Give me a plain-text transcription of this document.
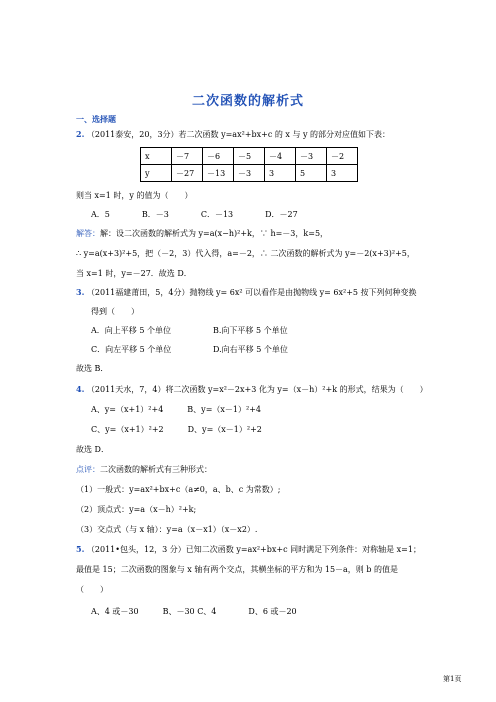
二次函数的解析式
一、选择题
2. （2011泰安，20，3分）若二次函数 y=ax²+bx+c 的 x 与 y 的部分对应值如下表：
x	－7	－6	－5	－4	－3	－2
y	－27	－13	－3	3	5	3
则当 x=1 时，y 的值为（　　）
A．5　　　　B．－3　　　　C．－13　　　　D．－27
解答：解：设二次函数的解析式为 y=a(x−h)²+k，∵ h=－3，k=5，
∴ y=a(x+3)²+5，把（－2，3）代入得，a=－2，∴ 二次函数的解析式为 y=－2(x+3)²+5，
当 x=1 时，y=－27．故选 D．
3. （2011福建莆田，5，4分）抛物线 y= 6x² 可以看作是由抛物线 y= 6x²+5 按下列何种变换
得到（　　）
A．向上平移 5 个单位	B.向下平移 5 个单位
C．向左平移 5 个单位	D.向右平移 5 个单位
故选 B．
4. （2011天水，7，4）将二次函数 y=x²－2x+3 化为 y=（x－h）²+k 的形式，结果为（　　）
A、y=（x+1）²+4　　　B、y=（x－1）²+4
C、y=（x+1）²+2　　　D、y=（x－1）²+2
故选 D．
点评：二次函数的解析式有三种形式：
（1）一般式：y=ax²+bx+c（a≠0，a、b、c 为常数）;
（2）顶点式：y=a（x－h）²+k;
（3）交点式（与 x 轴）：y=a（x－x1）（x－x2）.
5. （2011•包头，12，3 分）已知二次函数 y=ax²+bx+c 同时满足下列条件：对称轴是 x=1；
最值是 15；二次函数的图象与 x 轴有两个交点，其横坐标的平方和为 15－a，则 b 的值是
（　　）
A、4 或－30　　　B、－30 C、4　　　　D、6 或－20
第1页
